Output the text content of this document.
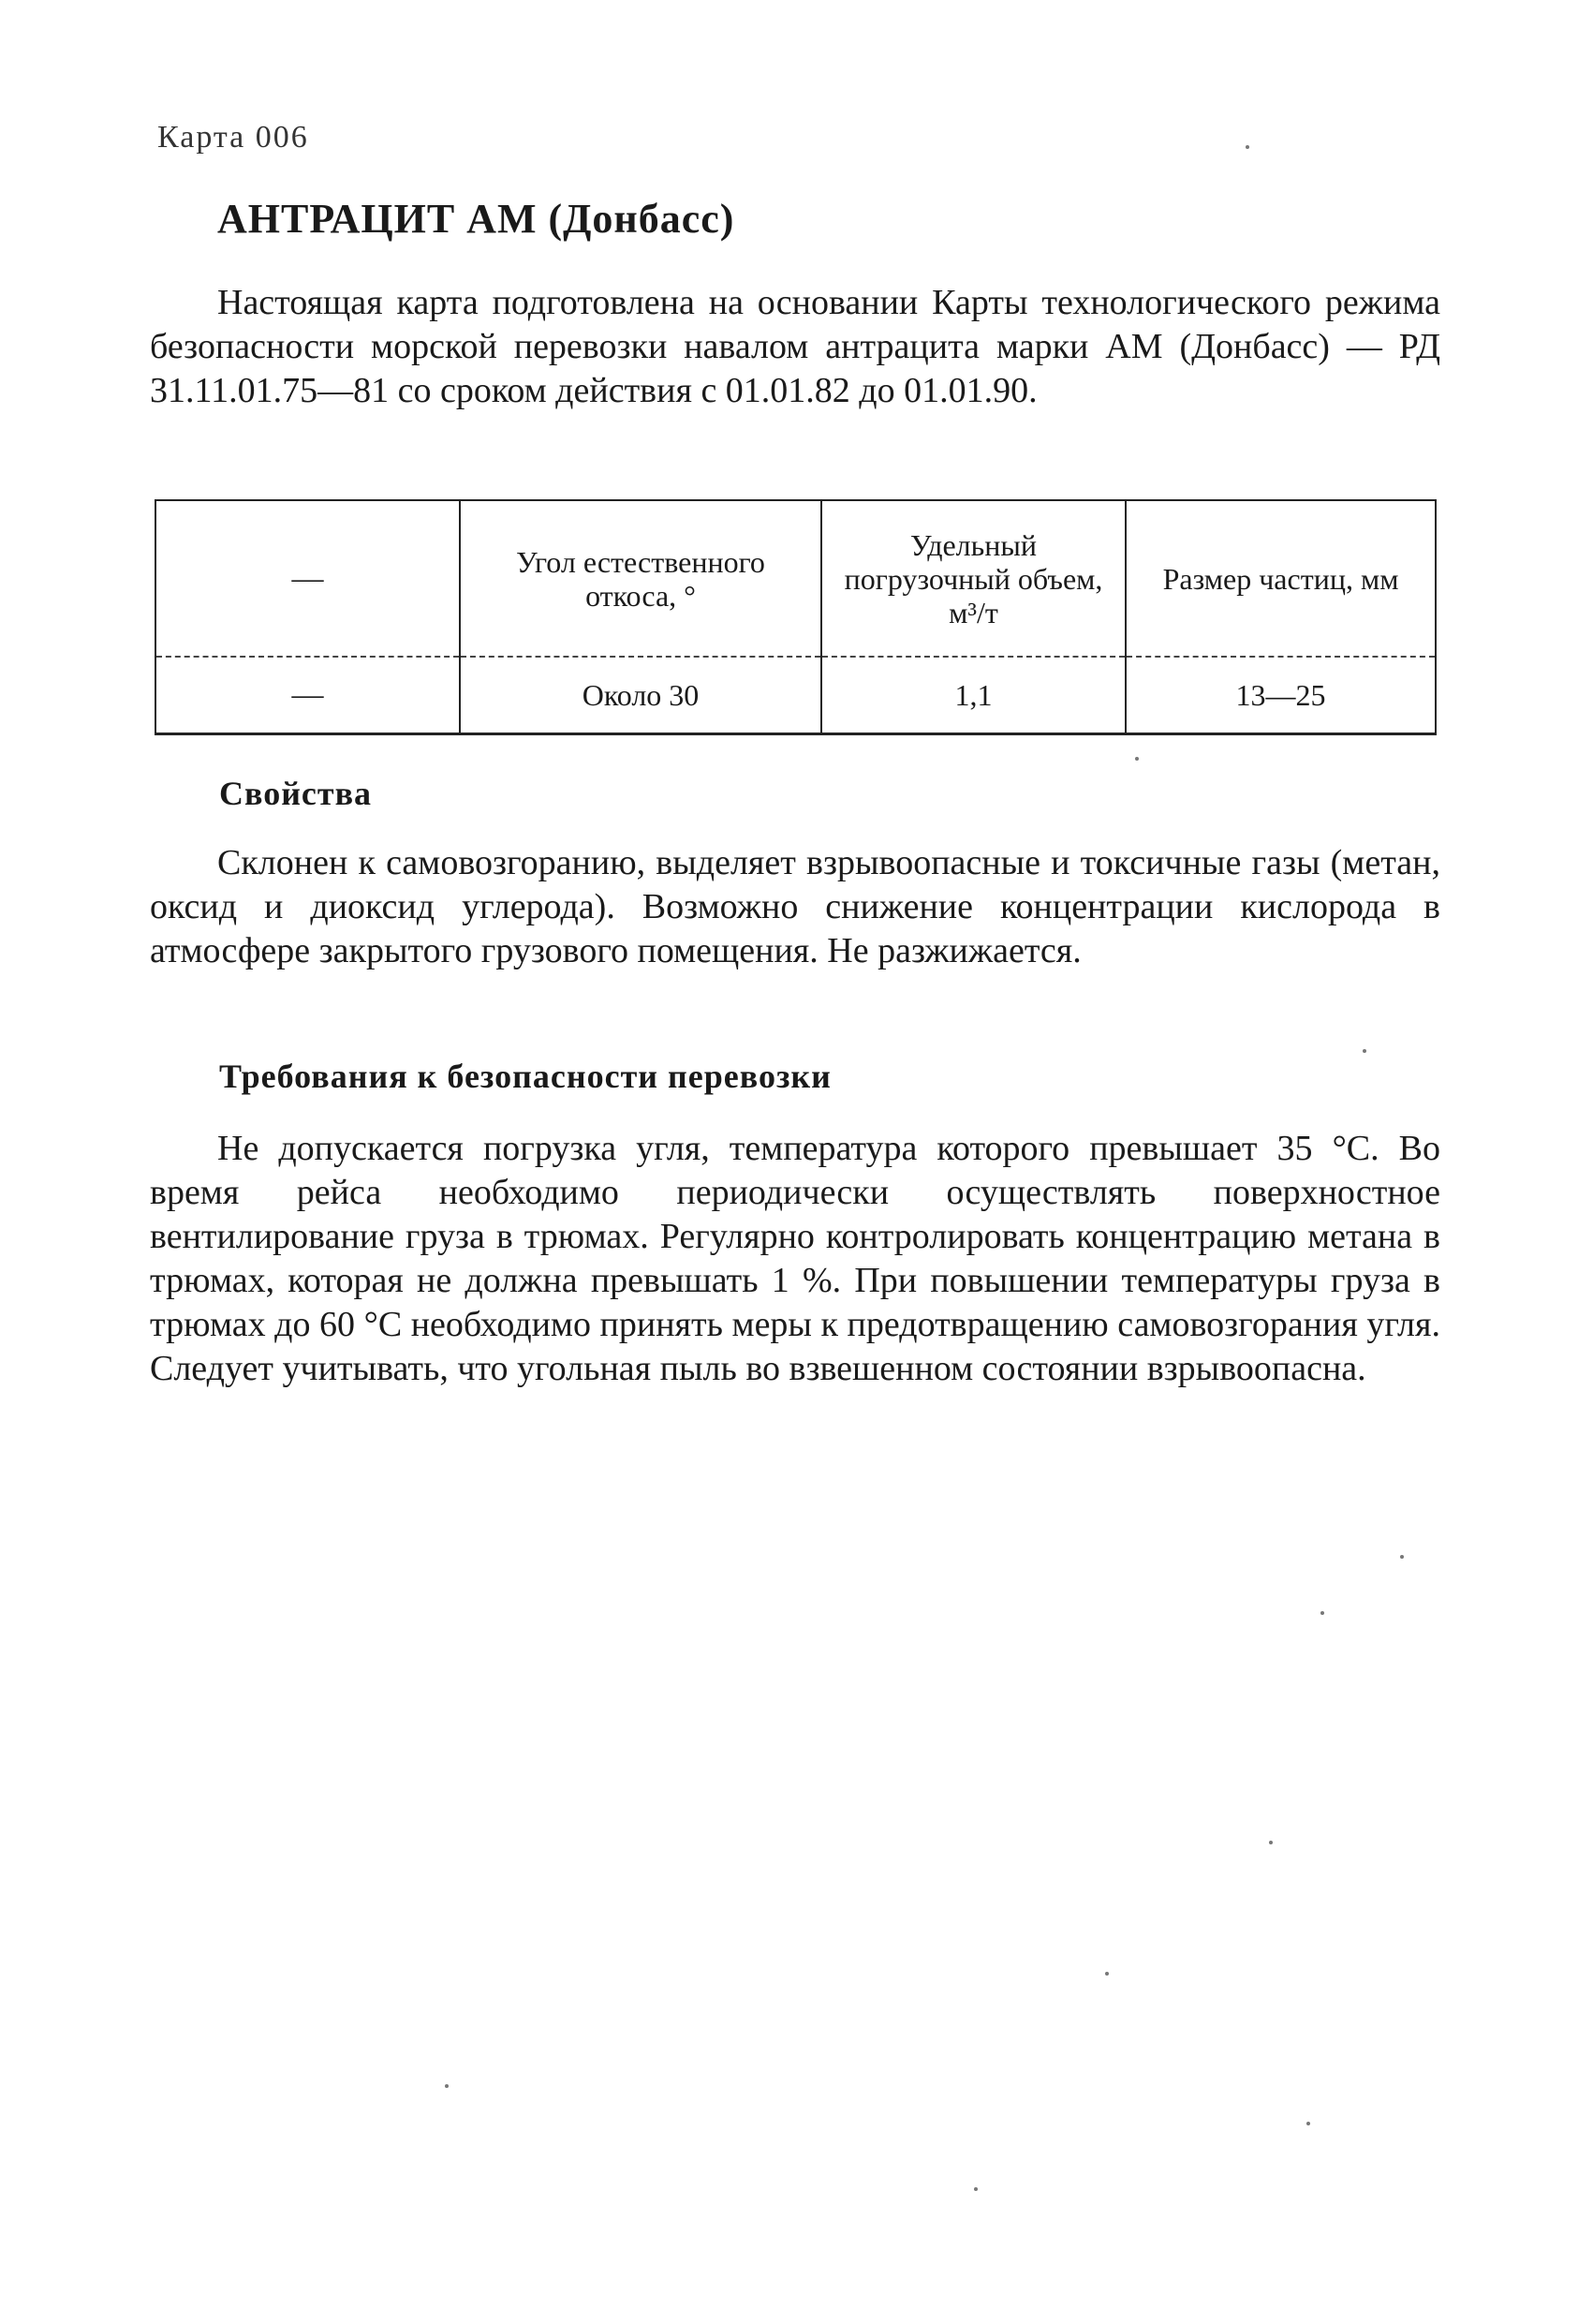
Карта 006
АНТРАЦИТ АМ (Донбасс)

Настоящая карта подготовлена на основании Карты технологического режима безопасности морской перевозки навалом антрацита марки АМ (Донбасс) — РД 31.11.01.75—81 со сроком действия с 01.01.82 до 01.01.90.

—	Угол естественного откоса, °	Удельный погрузочный объем, м³/т	Размер частиц, мм
—	Около 30	1,1	13—25
Свойства

Склонен к самовозгоранию, выделяет взрывоопасные и токсичные газы (метан, оксид и диоксид углерода). Возможно снижение концентрации кислорода в атмосфере закрытого грузового помещения. Не разжижается.

Требования к безопасности перевозки

Не допускается погрузка угля, температура которого превышает 35 °С. Во время рейса необходимо периодически осуществлять поверхностное вентилирование груза в трюмах. Регулярно контролировать концентрацию метана в трюмах, которая не должна превышать 1 %. При повышении температуры груза в трюмах до 60 °С необходимо принять меры к предотвращению самовозгорания угля. Следует учитывать, что угольная пыль во взвешенном состоянии взрывоопасна.
